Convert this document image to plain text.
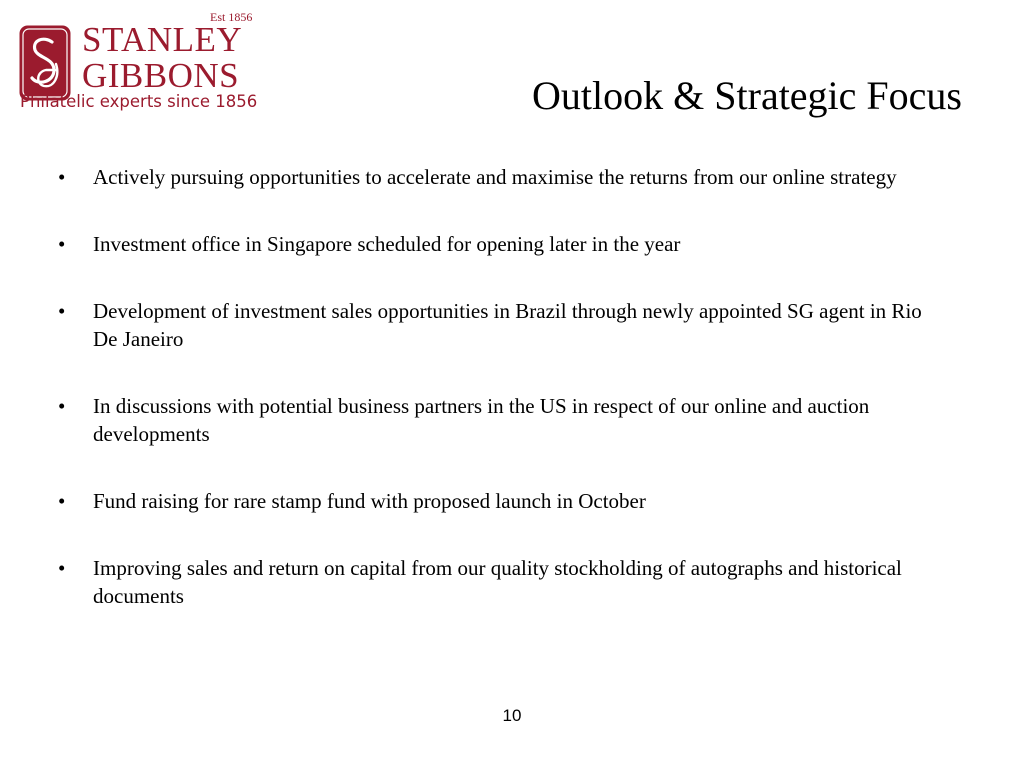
Est 1856
STANLEY
GIBBONS
Philatelic experts since 1856	Outlook & Strategic Focus
• Actively pursuing opportunities to accelerate and maximise the returns from our online strategy
• Investment office in Singapore scheduled for opening later in the year
• Development of investment sales opportunities in Brazil through newly appointed SG agent in Rio De Janeiro
• In discussions with potential business partners in the US in respect of our online and auction developments
• Fund raising for rare stamp fund with proposed launch in October
• Improving sales and return on capital from our quality stockholding of autographs and historical documents
10
